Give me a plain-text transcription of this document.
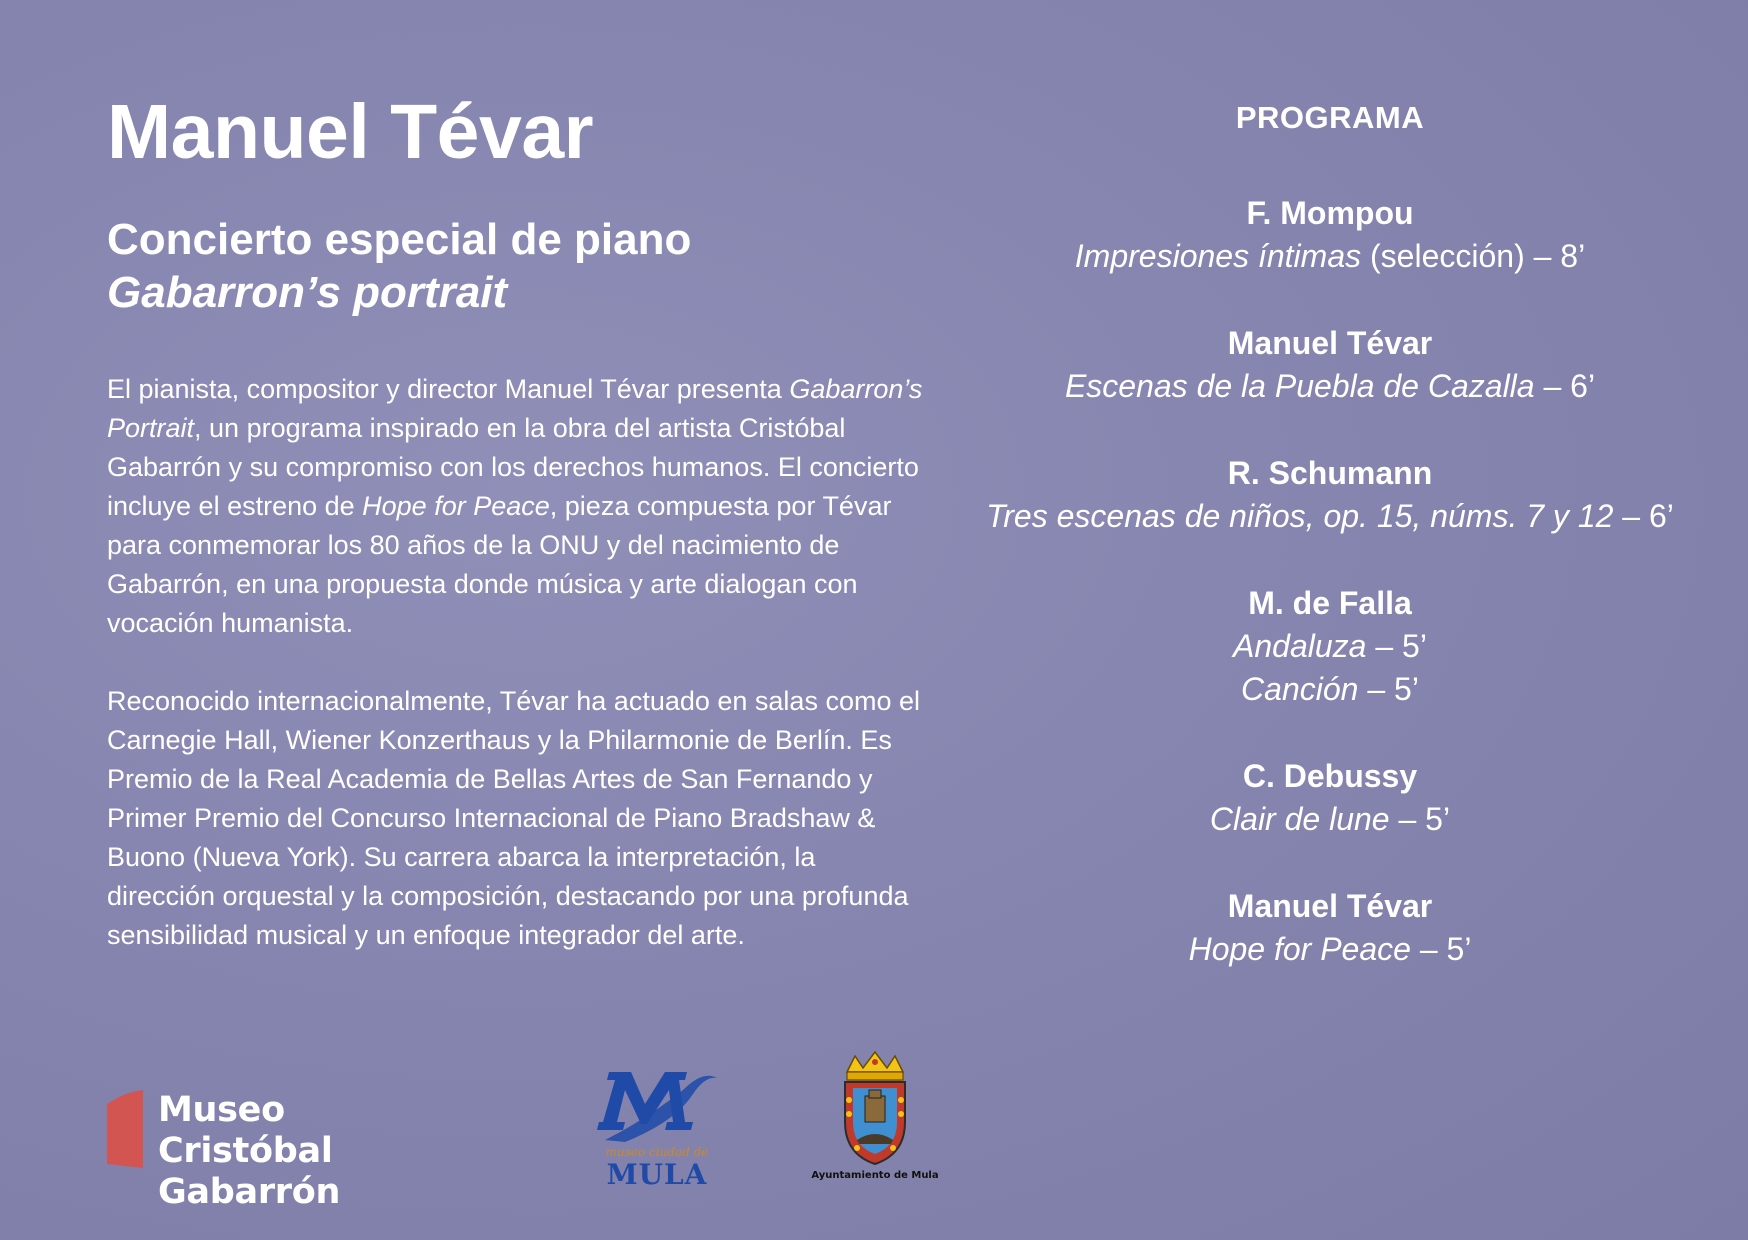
Manuel Tévar
Concierto especial de piano
Gabarron’s portrait

El pianista, compositor y director Manuel Tévar presenta Gabarron’s Portrait, un programa inspirado en la obra del artista Cristóbal Gabarrón y su compromiso con los derechos humanos. El concierto incluye el estreno de Hope for Peace, pieza compuesta por Tévar para conmemorar los 80 años de la ONU y del nacimiento de Gabarrón, en una propuesta donde música y arte dialogan con vocación humanista.

Reconocido internacionalmente, Tévar ha actuado en salas como el Carnegie Hall, Wiener Konzerthaus y la Philarmonie de Berlín. Es Premio de la Real Academia de Bellas Artes de San Fernando y Primer Premio del Concurso Internacional de Piano Bradshaw & Buono (Nueva York). Su carrera abarca la interpretación, la dirección orquestal y la composición, destacando por una profunda sensibilidad musical y un enfoque integrador del arte.

PROGRAMA
F. Mompou
Impresiones íntimas (selección) – 8’
Manuel Tévar
Escenas de la Puebla de Cazalla – 6’
R. Schumann
Tres escenas de niños, op. 15, núms. 7 y 12 – 6’
M. de Falla
Andaluza – 5’
Canción – 5’
C. Debussy
Clair de lune – 5’
Manuel Tévar
Hope for Peace – 5’
Museo
Cristóbal Gabarrón
museo ciudad de
MULA	Ayuntamiento de Mula
